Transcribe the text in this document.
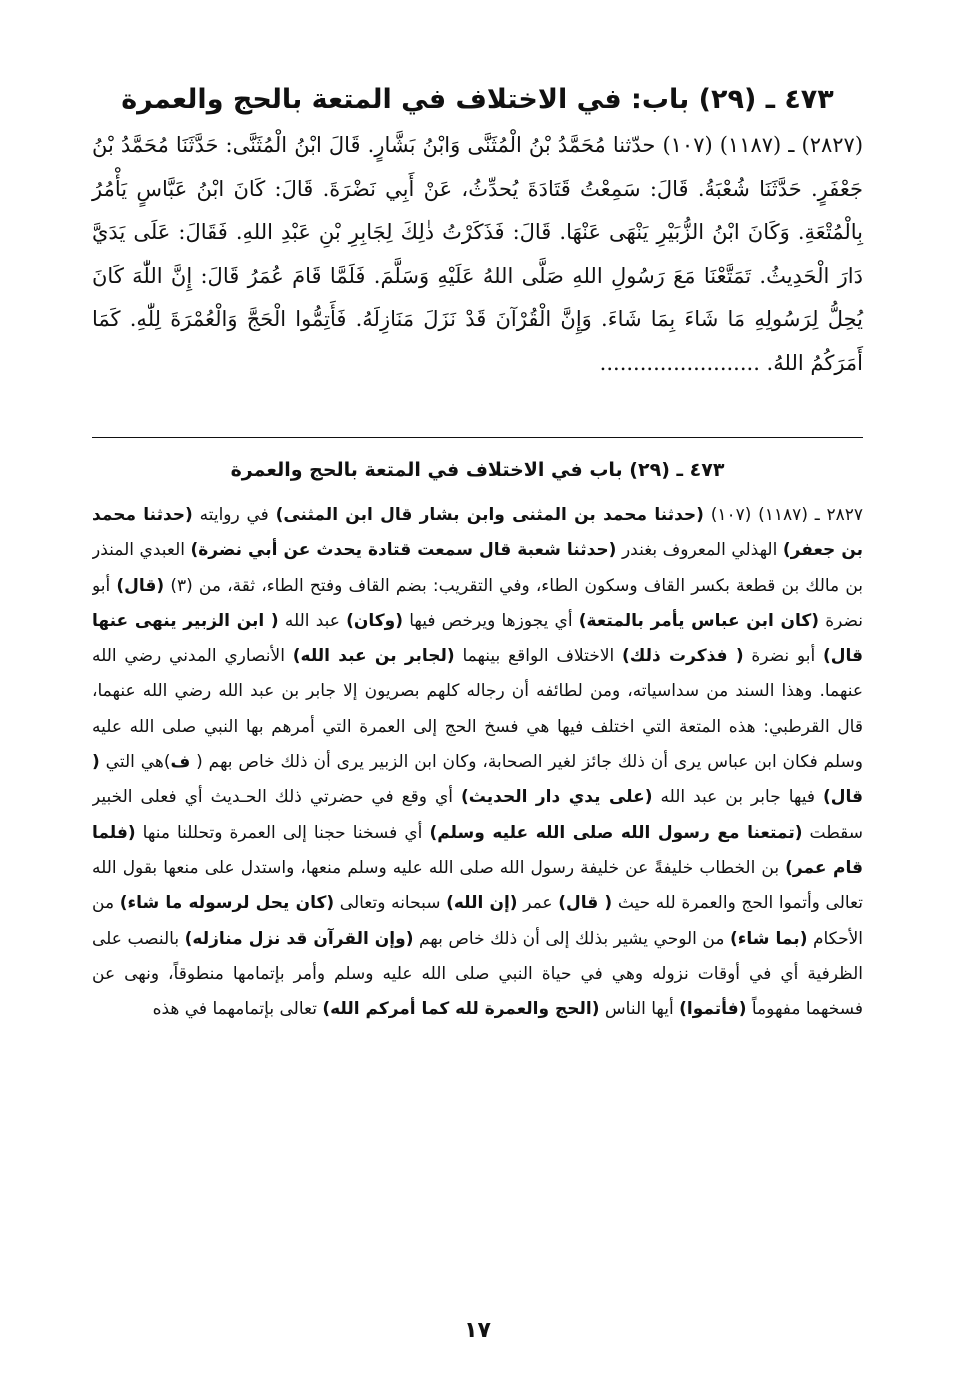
٤٧٣ ـ (٢٩) باب: في الاختلاف في المتعة بالحج والعمرة

(٢٨٢٧) ـ (١١٨٧) (١٠٧) حدّثنا مُحَمَّدُ بْنُ الْمُثَنَّى وَابْنُ بَشَّارٍ. قَالَ ابْنُ الْمُثَنَّى: حَدَّثَنَا مُحَمَّدُ بْنُ جَعْفَرٍ. حَدَّثَنَا شُعْبَةُ. قَالَ: سَمِعْتُ قَتَادَةَ يُحدِّثُ، عَنْ أَبِي نَضْرَةَ. قَالَ: كَانَ ابْنُ عَبَّاسٍ يَأْمُرُ بِالْمُتْعَةِ. وَكَانَ ابْنُ الزُّبَيْرِ يَنْهَى عَنْهَا. قَالَ: فَذَكَرْتُ ذٰلِكَ لِجَابِرِ بْنِ عَبْدِ اللهِ. فَقَالَ: عَلَى يَدَيَّ دَارَ الْحَدِيثُ. تَمَتَّعْنَا مَعَ رَسُولِ اللهِ صَلَّى اللهُ عَلَيْهِ وَسَلَّمَ. فَلَمَّا قَامَ عُمَرُ قَالَ: إِنَّ اللّٰهَ كَانَ يُحِلُّ لِرَسُولِهِ مَا شَاءَ بِمَا شَاءَ. وَإِنَّ الْقُرْآنَ قَدْ نَزَلَ مَنَازِلَهُ. فَأَتِمُّوا الْحَجَّ وَالْعُمْرَةَ لِلّٰهِ. كَمَا أَمَرَكُمُ اللهُ. ........................

٤٧٣ ـ (٢٩) باب في الاختلاف في المتعة بالحج والعمرة

٢٨٢٧ ـ (١١٨٧) (١٠٧) (حدثنا محمد بن المثنى وابن بشار قال ابن المثنى) في روايته (حدثنا محمد بن جعفر) الهذلي المعروف بغندر (حدثنا شعبة قال سمعت قتادة يحدث عن أبي نضرة) العبدي المنذر بن مالك بن قطعة بكسر القاف وسكون الطاء، وفي التقريب: بضم القاف وفتح الطاء، ثقة، من (٣) (قال) أبو نضرة (كان ابن عباس يأمر بالمتعة) أي يجوزها ويرخص فيها (وكان) عبد الله ( ابن الزبير ينهى عنها قال) أبو نضرة ( فذكرت ذلك) الاختلاف الواقع بينهما (لجابر بن عبد الله) الأنصاري المدني رضي الله عنهما. وهذا السند من سداسياته، ومن لطائفه أن رجاله كلهم بصريون إلا جابر بن عبد الله رضي الله عنهما، قال القرطبي: هذه المتعة التي اختلف فيها هي فسخ الحج إلى العمرة التي أمرهم بها النبي صلى الله عليه وسلم فكان ابن عباس يرى أن ذلك جائز لغير الصحابة، وكان ابن الزبير يرى أن ذلك خاص بهم ( ف)هي التي ( قال) فيها جابر بن عبد الله (على يدي دار الحديث) أي وقع في حضرتي ذلك الحـديث أي فعلى الخبير سقطت (تمتعنا مع رسول الله صلى الله عليه وسلم) أي فسخنا حجنا إلى العمرة وتحللنا منها (فلما قام عمر) بن الخطاب خليفةً عن خليفة رسول الله صلى الله عليه وسلم منعها، واستدل على منعها بقول الله تعالى وأتموا الحج والعمرة لله حيث ( قال) عمر (إن الله) سبحانه وتعالى (كان يحل لرسوله ما شاء) من الأحكام (بما شاء) من الوحي يشير بذلك إلى أن ذلك خاص بهم (وإن القرآن قد نزل منازله) بالنصب على الظرفية أي في أوقات نزوله وهي في حياة النبي صلى الله عليه وسلم وأمر بإتمامها منطوقاً، ونهى عن فسخهما مفهوماً (فأتموا) أيها الناس (الحج والعمرة لله كما أمركم الله) تعالى بإتمامهما في هذه

١٧
